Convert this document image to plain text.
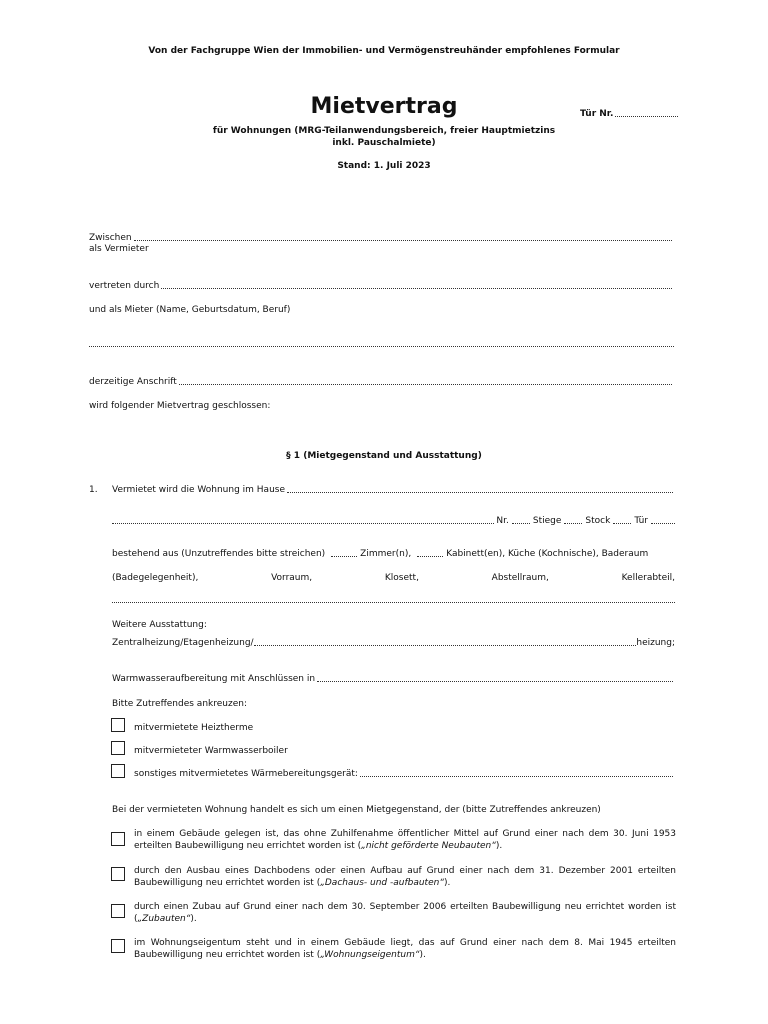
Von der Fachgruppe Wien der Immobilien- und Vermögenstreuhänder empfohlenes Formular
Mietvertrag	Tür Nr.
für Wohnungen (MRG-Teilanwendungsbereich, freier Hauptmietzins
inkl. Pauschalmiete)
Stand: 1. Juli 2023
Zwischen
als Vermieter
vertreten durch
und als Mieter (Name, Geburtsdatum, Beruf)
derzeitige Anschrift
wird folgender Mietvertrag geschlossen:
§ 1 (Mietgegenstand und Ausstattung)
1. Vermietet wird die Wohnung im Hause
Nr.	Stiege	Stock	Tür
bestehend aus (Unzutreffendes bitte streichen)	Zimmer(n),	Kabinett(en), Küche (Kochnische), Baderaum
(Badegelegenheit),	Vorraum,	Klosett,	Abstellraum,	Kellerabteil,
Weitere Ausstattung:
Zentralheizung/Etagenheizung/	heizung;
Warmwasseraufbereitung mit Anschlüssen in
Bitte Zutreffendes ankreuzen:
mitvermietete Heiztherme
mitvermieteter Warmwasserboiler
sonstiges mitvermietetes Wärmebereitungsgerät:
Bei der vermieteten Wohnung handelt es sich um einen Mietgegenstand, der (bitte Zutreffendes ankreuzen)
in einem Gebäude gelegen ist, das ohne Zuhilfenahme öffentlicher Mittel auf Grund einer nach dem 30. Juni 1953 erteilten Baubewilligung neu errichtet worden ist („nicht geförderte Neubauten“).
durch den Ausbau eines Dachbodens oder einen Aufbau auf Grund einer nach dem 31. Dezember 2001 erteilten Baubewilligung neu errichtet worden ist („Dachaus- und -aufbauten“).
durch einen Zubau auf Grund einer nach dem 30. September 2006 erteilten Baubewilligung neu errichtet worden ist („Zubauten“).
im Wohnungseigentum steht und in einem Gebäude liegt, das auf Grund einer nach dem 8. Mai 1945 erteilten Baubewilligung neu errichtet worden ist („Wohnungseigentum“).
